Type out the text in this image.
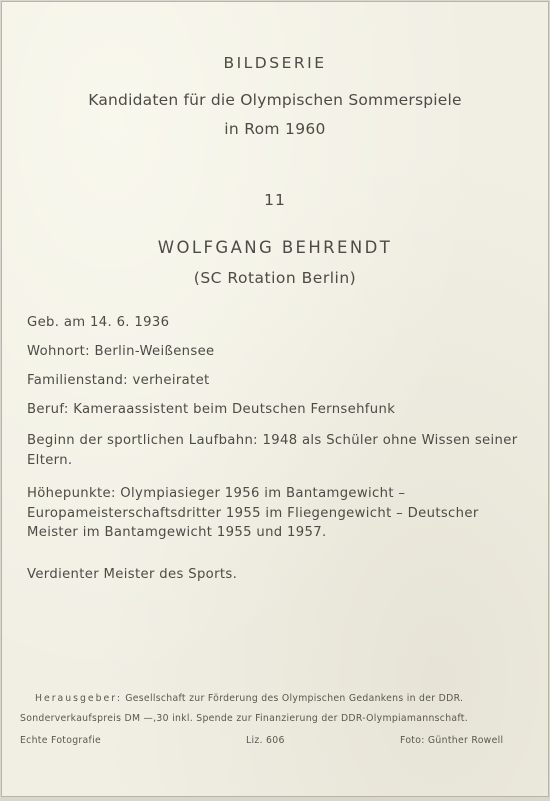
BILDSERIE
Kandidaten für die Olympischen Sommerspiele
in Rom 1960
11
WOLFGANG BEHRENDT
(SC Rotation Berlin)
Geb. am 14. 6. 1936
Wohnort: Berlin-Weißensee
Familienstand: verheiratet
Beruf: Kameraassistent beim Deutschen Fernsehfunk
Beginn der sportlichen Laufbahn: 1948 als Schüler ohne Wissen seiner Eltern.
Höhepunkte: Olympiasieger 1956 im Bantamgewicht – Europameisterschaftsdritter 1955 im Fliegengewicht – Deutscher Meister im Bantamgewicht 1955 und 1957.
Verdienter Meister des Sports.
Herausgeber: Gesellschaft zur Förderung des Olympischen Gedankens in der DDR.
Sonderverkaufspreis DM —,30 inkl. Spende zur Finanzierung der DDR-Olympiamannschaft.
Echte Fotografie	Liz. 606	Foto: Günther Rowell
